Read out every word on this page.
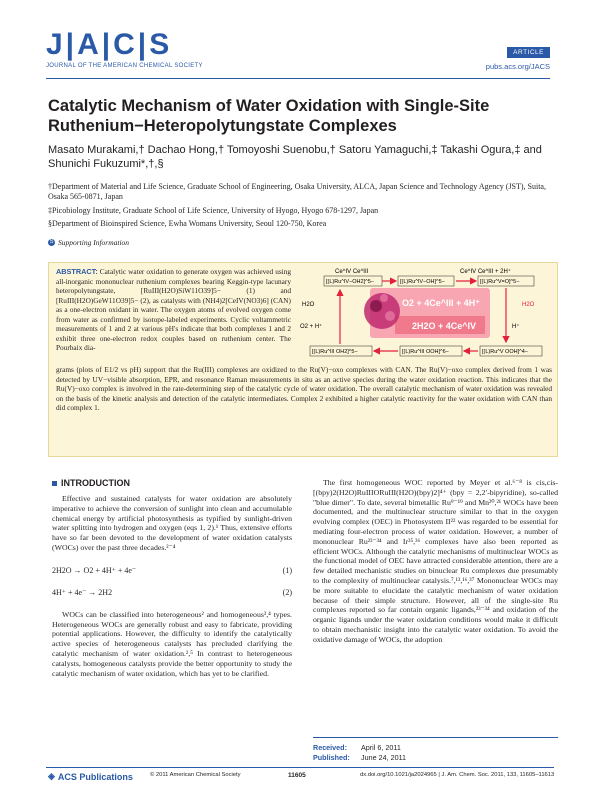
J|A|C|S
JOURNAL OF THE AMERICAN CHEMICAL SOCIETY
ARTICLE
pubs.acs.org/JACS
Catalytic Mechanism of Water Oxidation with Single-Site Ruthenium−Heteropolytungstate Complexes
Masato Murakami,† Dachao Hong,† Tomoyoshi Suenobu,† Satoru Yamaguchi,‡ Takashi Ogura,‡ and Shunichi Fukuzumi*,†,§
†Department of Material and Life Science, Graduate School of Engineering, Osaka University, ALCA, Japan Science and Technology Agency (JST), Suita, Osaka 565-0871, Japan
‡Picobiology Institute, Graduate School of Life Science, University of Hyogo, Hyogo 678-1297, Japan
§Department of Bioinspired Science, Ewha Womans University, Seoul 120-750, Korea
S Supporting Information
ABSTRACT: Catalytic water oxidation to generate oxygen was achieved using all-inorganic mononuclear ruthenium complexes bearing Keggin-type lacunary heteropolytungstate, [RuIII(H2O)SiW11O39]5− (1) and [RuIII(H2O)GeW11O39]5− (2), as catalysts with (NH4)2[CeIV(NO3)6] (CAN) as a one-electron oxidant in water. The oxygen atoms of evolved oxygen come from water as confirmed by isotope-labeled experiments. Cyclic voltammetric measurements of 1 and 2 at various pH's indicate that both complexes 1 and 2 exhibit three one-electron redox couples based on ruthenium center. The Pourbaix dia-
grams (plots of E1/2 vs pH) support that the Ru(III) complexes are oxidized to the Ru(V)−oxo complexes with CAN. The Ru(V)−oxo complex derived from 1 was detected by UV−visible absorption, EPR, and resonance Raman measurements in situ as an active species during the water oxidation reaction. This indicates that the Ru(V)−oxo complex is involved in the rate-determining step of the catalytic cycle of water oxidation. The overall catalytic mechanism of water oxidation was revealed on the basis of the kinetic analysis and detection of the catalytic intermediates. Complex 2 exhibited a higher catalytic reactivity for the water oxidation with CAN than did complex 1.
Ce^IV Ce^III	Ce^IV Ce^III + 2H⁺
[(L)Ru^IV−OH2]^5−	[(L)Ru^IV−OH]^5−	[(L)Ru^V=O]^5−
[(L)Ru^III OH2]^5−	[(L)Ru^III OOH]^6−	[(L)Ru^V OOH]^4−
H2O	H2O
O2 + H⁺	H⁺
O2 + 4Ce^III + 4H⁺
2H2O + 4Ce^IV
INTRODUCTION

Effective and sustained catalysts for water oxidation are absolutely imperative to achieve the conversion of sunlight into clean and accumulable chemical energy by artificial photosynthesis as typified by sunlight-driven water splitting into hydrogen and oxygen (eqs 1, 2).¹ Thus, extensive efforts have so far been devoted to the development of water oxidation catalysts (WOCs) over the past three decades.²⁻⁴

2H2O → O2 + 4H⁺ + 4e⁻	(1)
4H⁺ + 4e⁻ → 2H2	(2)

WOCs can be classified into heterogeneous² and homogeneous³,⁴ types. Heterogeneous WOCs are generally robust and easy to fabricate, providing potential applications. However, the difficulty to identify the catalytically active species of heterogeneous catalysts has precluded clarifying the catalytic mechanism of water oxidation.²,⁵ In contrast to heterogeneous catalysts, homogeneous catalysts provide the better opportunity to study the catalytic mechanism of water oxidation, which has yet to be clarified.

The first homogeneous WOC reported by Meyer et al.⁶⁻⁸ is cis,cis-[(bpy)2(H2O)RuIIIORuIII(H2O)(bpy)2]⁴⁺ (bpy = 2,2′-bipyridine), so-called "blue dimer". To date, several bimetallic Ru⁹⁻¹⁹ and Mn²⁰,²¹ WOCs have been documented, and the multinuclear structure similar to that in the oxygen evolving complex (OEC) in Photosystem II²² was regarded to be essential for mediating four-electron process of water oxidation. However, a number of mononuclear Ru²³⁻³⁴ and Ir³⁵,³⁶ complexes have also been reported as efficient WOCs. Although the catalytic mechanisms of multinuclear WOCs as the functional model of OEC have attracted considerable attention, there are a few detailed mechanistic studies on binuclear Ru complexes due presumably to the complexity of multinuclear catalysis.⁷,¹³,¹⁶,³⁷ Mononuclear WOCs may be more suitable to elucidate the catalytic mechanism of water oxidation because of their simple structure. However, all of the single-site Ru complexes reported so far contain organic ligands,²³⁻³⁴ and oxidation of the organic ligands under the water oxidation conditions would make it difficult to obtain mechanistic insight into the catalytic water oxidation. To avoid the oxidative damage of WOCs, the adoption

Received: April 6, 2011
Published: June 24, 2011
◈ ACS Publications	© 2011 American Chemical Society	11605	dx.doi.org/10.1021/ja2024965 | J. Am. Chem. Soc. 2011, 133, 11605–11613
